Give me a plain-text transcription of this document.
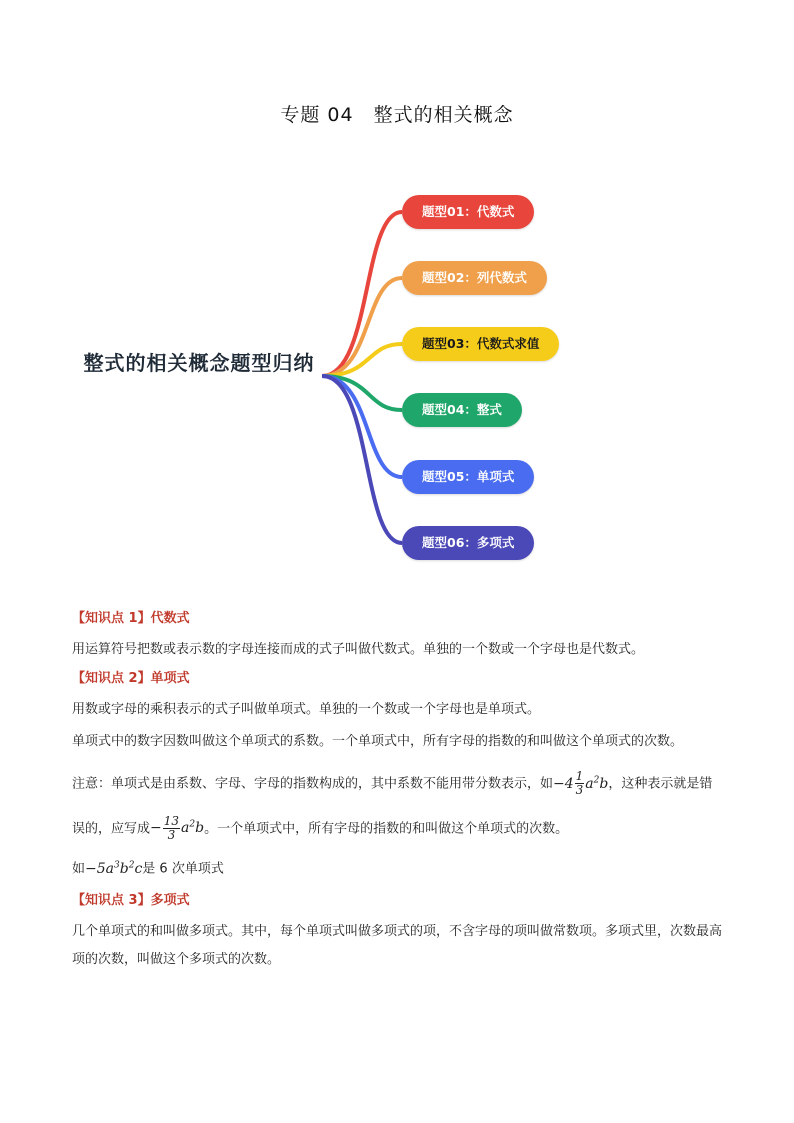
专题 04　整式的相关概念
整式的相关概念题型归纳
题型01：代数式
题型02：列代数式
题型03：代数式求值
题型04：整式
题型05：单项式
题型06：多项式

【知识点 1】代数式

用运算符号把数或表示数的字母连接而成的式子叫做代数式。单独的一个数或一个字母也是代数式。

【知识点 2】单项式

用数或字母的乘积表示的式子叫做单项式。单独的一个数或一个字母也是单项式。

单项式中的数字因数叫做这个单项式的系数。一个单项式中，所有字母的指数的和叫做这个单项式的次数。

注意：单项式是由系数、字母、字母的指数构成的，其中系数不能用带分数表示，如$-4 \frac{1}{3} a^2b$，这种表示就是错误的，应写成− $\frac{13}{3} a^2b$。一个单项式中，所有字母的指数的和叫做这个单项式的次数。

如$-5a^3b^2c$是 6 次单项式

【知识点 3】多项式

几个单项式的和叫做多项式。其中，每个单项式叫做多项式的项，不含字母的项叫做常数项。多项式里，次数最高项的次数，叫做这个多项式的次数。
